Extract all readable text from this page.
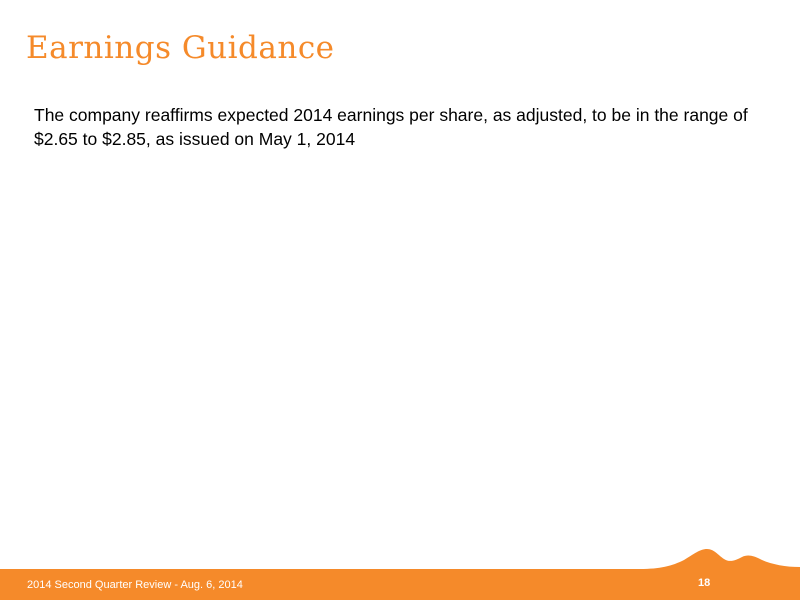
Earnings Guidance

The company reaffirms expected 2014 earnings per share, as adjusted, to be in the range of $2.65 to $2.85, as issued on May 1, 2014

2014 Second Quarter Review - Aug. 6, 2014	18
